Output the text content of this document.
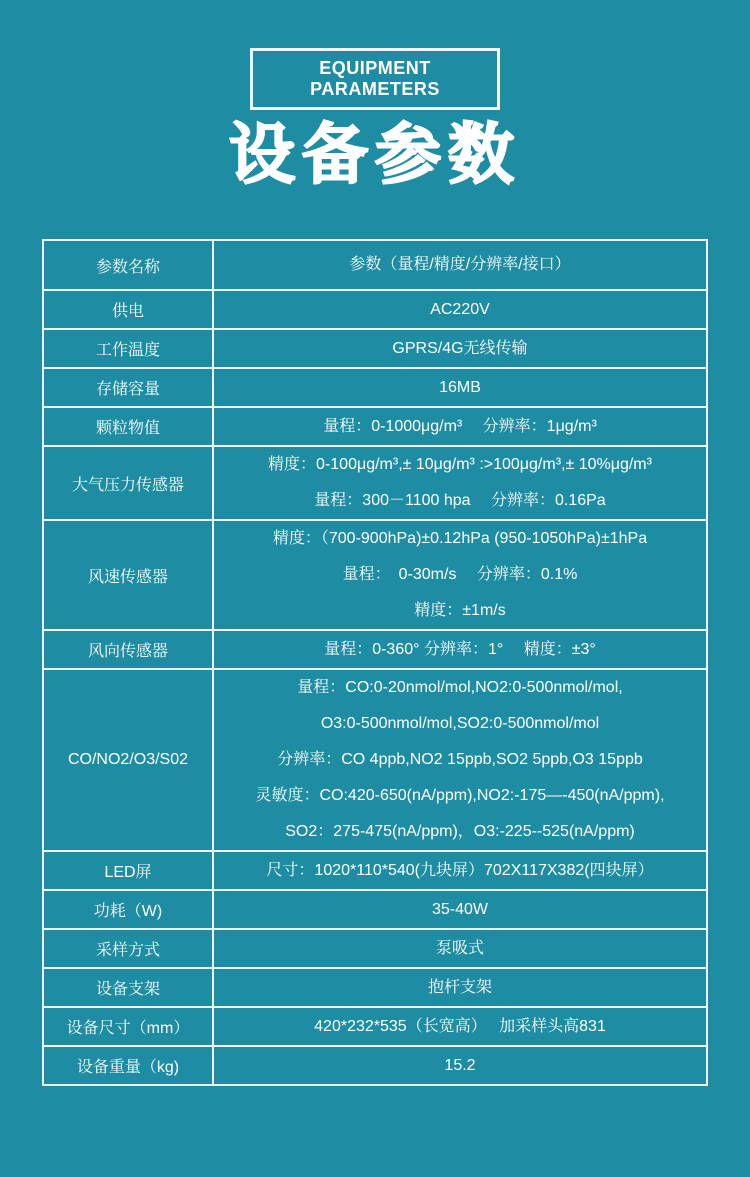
EQUIPMENT PARAMETERS
设备参数
参数名称	参数（量程/精度/分辨率/接口）

供电	AC220V

工作温度	GPRS/4G无线传输

存储容量	16MB

颗粒物值	量程：0-1000μg/m³　 分辨率：1μg/m³

大气压力传感器	精度：0-100μg/m³,± 10μg/m³ :>100μg/m³,± 10%μg/m³
量程：300－1100 hpa　 分辨率：0.16Pa

风速传感器	精度：（700-900hPa)±0.12hPa (950-1050hPa)±1hPa
量程：　0-30m/s　 分辨率：0.1%
精度：±1m/s

风向传感器	量程：0-360° 分辨率：1°　 精度：±3°

CO/NO2/O3/S02	量程：CO:0-20nmol/mol,NO2:0-500nmol/mol,
O3:0-500nmol/mol,SO2:0-500nmol/mol
分辨率：CO 4ppb,NO2 15ppb,SO2 5ppb,O3 15ppb
灵敏度：CO:420-650(nA/ppm),NO2:-175—-450(nA/ppm),
SO2：275-475(nA/ppm)，O3:-225--525(nA/ppm)

LED屏	尺寸：1020*110*540(九块屏）702X117X382(四块屏）

功耗（W)	35-40W

采样方式	泵吸式

设备支架	抱杆支架

设备尺寸（mm）	420*232*535（长宽高）　 加采样头高831

设备重量（kg)	15.2
